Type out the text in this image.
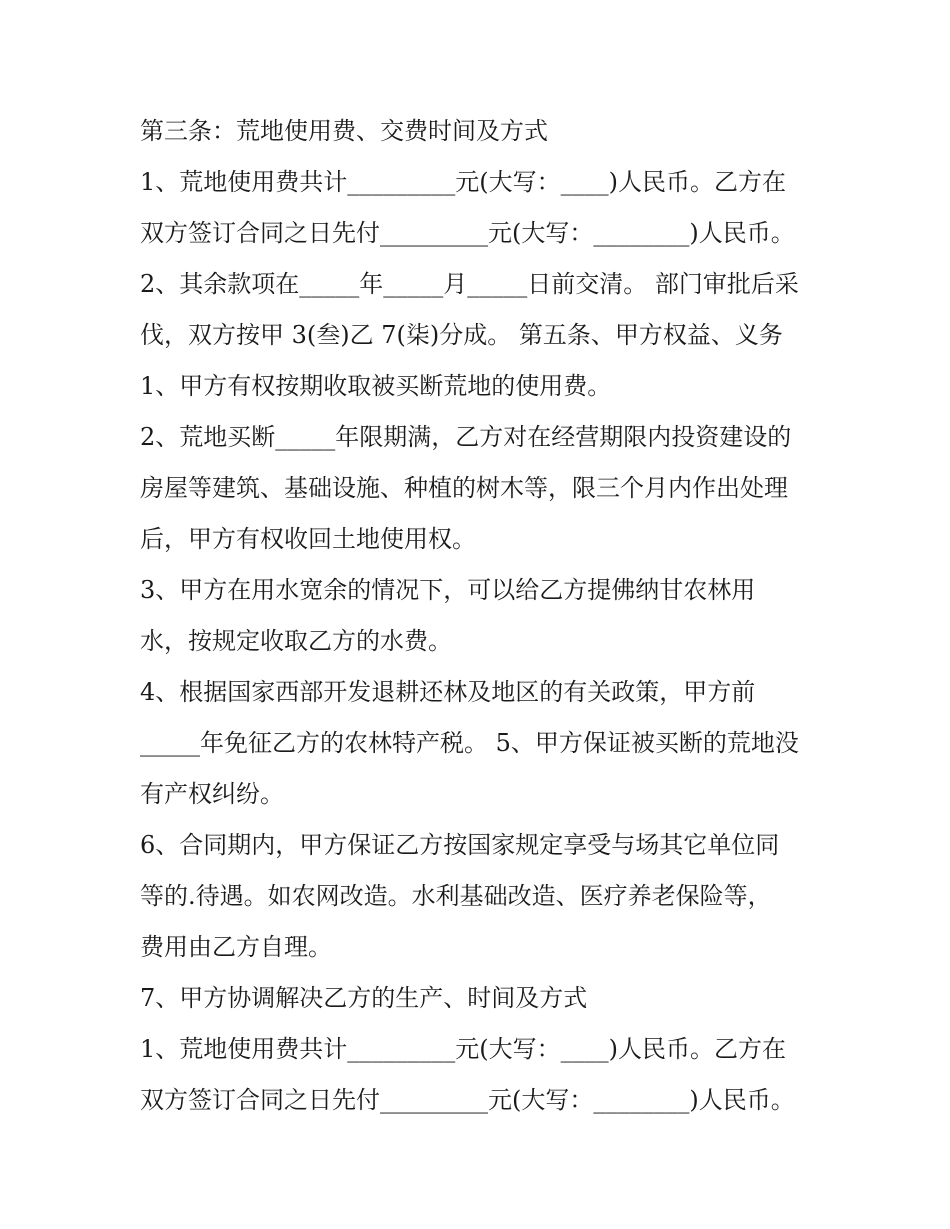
第三条：荒地使用费、交费时间及方式
1、荒地使用费共计_________元(大写：____)人民币。乙方在
双方签订合同之日先付_________元(大写：________)人民币。
2、其余款项在_____年_____月_____日前交清。 部门审批后采
伐，双方按甲 3(叁)乙 7(柒)分成。 第五条、甲方权益、义务
1、甲方有权按期收取被买断荒地的使用费。
2、荒地买断_____年限期满，乙方对在经营期限内投资建设的
房屋等建筑、基础设施、种植的树木等，限三个月内作出处理
后，甲方有权收回土地使用权。
3、甲方在用水宽余的情况下，可以给乙方提佛纳甘农林用
水，按规定收取乙方的水费。
4、根据国家西部开发退耕还林及地区的有关政策，甲方前
_____年免征乙方的农林特产税。 5、甲方保证被买断的荒地没
有产权纠纷。
6、合同期内，甲方保证乙方按国家规定享受与场其它单位同
等的.待遇。如农网改造。水利基础改造、医疗养老保险等，
费用由乙方自理。
7、甲方协调解决乙方的生产、时间及方式
1、荒地使用费共计_________元(大写：____)人民币。乙方在
双方签订合同之日先付_________元(大写：________)人民币。
